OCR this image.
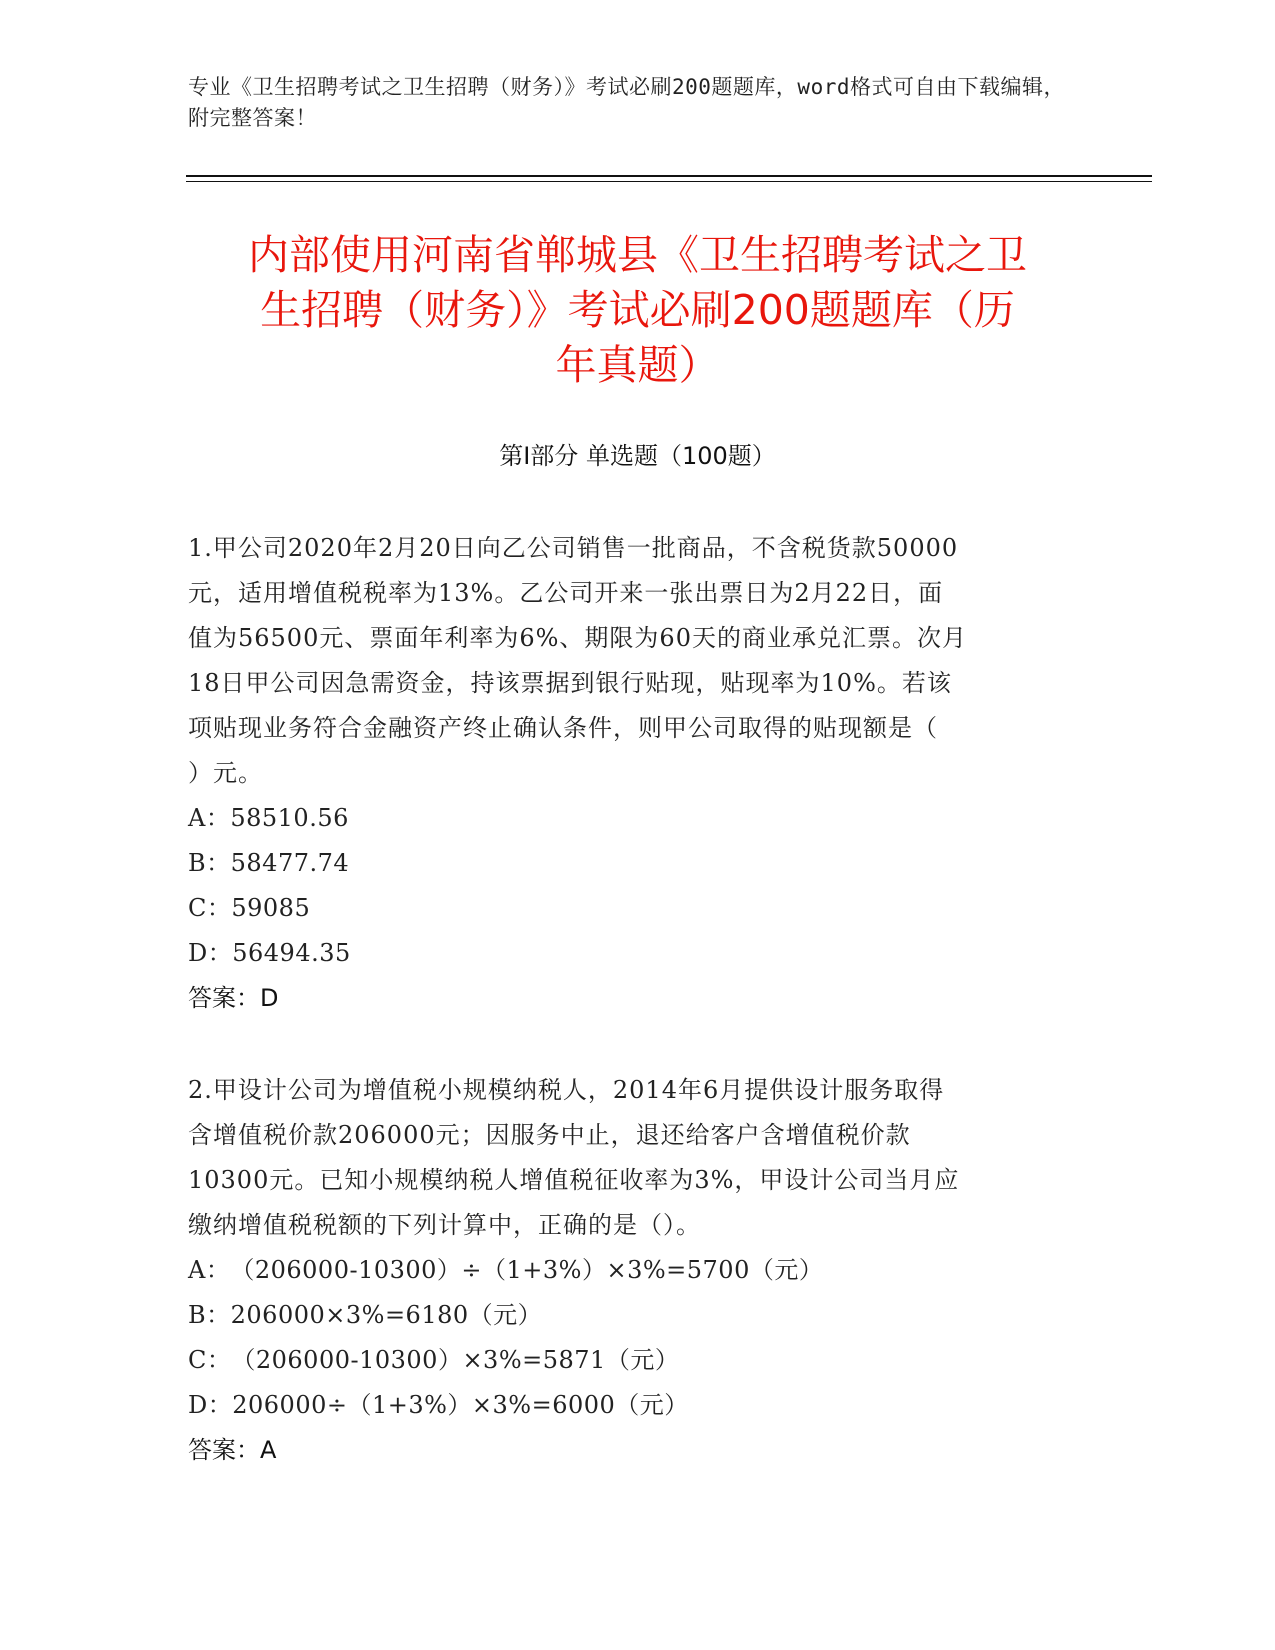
专业《卫生招聘考试之卫生招聘（财务）》考试必刷200题题库，word格式可自由下载编辑，附完整答案！
内部使用河南省郸城县《卫生招聘考试之卫
生招聘（财务）》考试必刷200题题库（历
年真题）
第Ⅰ部分 单选题（100题）

1.甲公司2020年2月20日向乙公司销售一批商品，不含税货款50000

元，适用增值税税率为13%。乙公司开来一张出票日为2月22日，面

值为56500元、票面年利率为6%、期限为60天的商业承兑汇票。次月

18日甲公司因急需资金，持该票据到银行贴现，贴现率为10%。若该

项贴现业务符合金融资产终止确认条件，则甲公司取得的贴现额是（

）元。

A：58510.56

B：58477.74

C：59085

D：56494.35

答案：D

2.甲设计公司为增值税小规模纳税人，2014年6月提供设计服务取得

含增值税价款206000元；因服务中止，退还给客户含增值税价款

10300元。已知小规模纳税人增值税征收率为3%，甲设计公司当月应

缴纳增值税税额的下列计算中，正确的是（）。

A：（206000-10300）÷（1+3%）×3%=5700（元）

B：206000×3%=6180（元）

C：（206000-10300）×3%=5871（元）

D：206000÷（1+3%）×3%=6000（元）

答案：A
